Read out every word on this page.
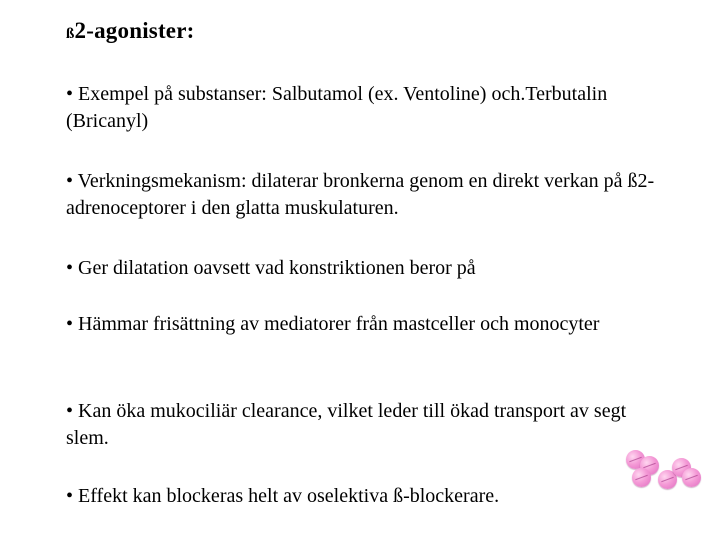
ß2-agonister:

• Exempel på substanser: Salbutamol (ex. Ventoline) och.Terbutalin (Bricanyl)

• Verkningsmekanism: dilaterar bronkerna genom en direkt verkan på ß2-adrenoceptorer i den glatta muskulaturen.

• Ger dilatation oavsett vad konstriktionen beror på

• Hämmar frisättning av mediatorer från mastceller och monocyter

• Kan öka mukociliär clearance, vilket leder till ökad transport av segt slem.

• Effekt kan blockeras helt av oselektiva ß-blockerare.
